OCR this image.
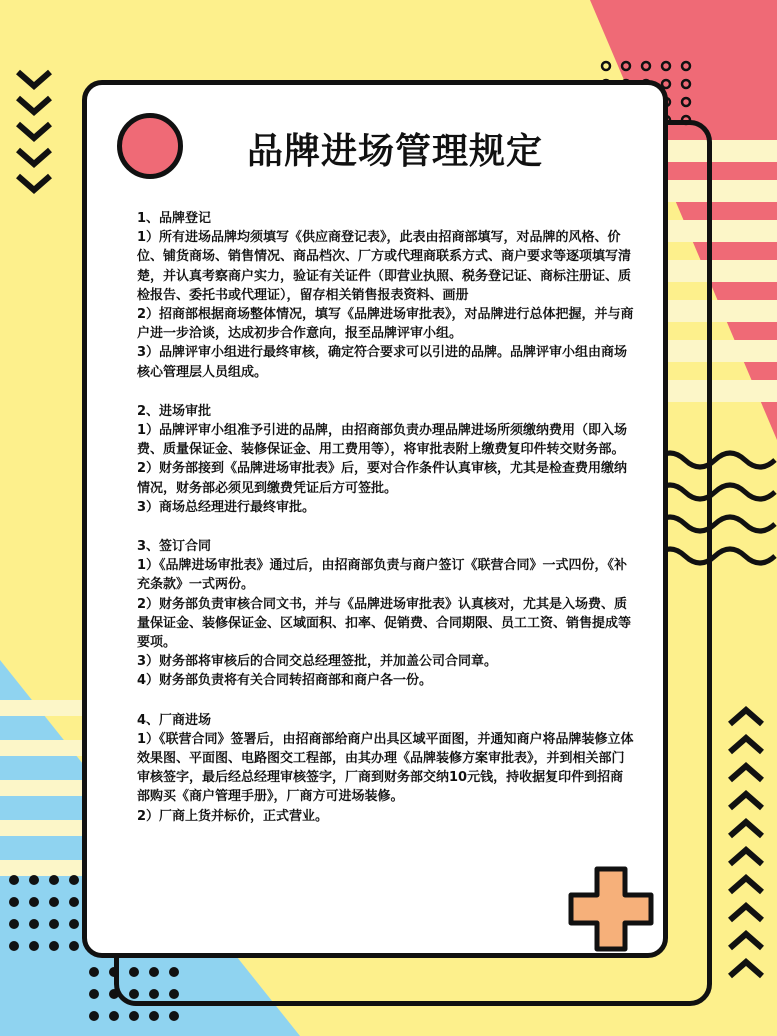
品牌进场管理规定

1、品牌登记

1）所有进场品牌均须填写《供应商登记表》，此表由招商部填写，对品牌的风格、价位、铺货商场、销售情况、商品档次、厂方或代理商联系方式、商户要求等逐项填写清楚，并认真考察商户实力，验证有关证件（即营业执照、税务登记证、商标注册证、质检报告、委托书或代理证），留存相关销售报表资料、画册

2）招商部根据商场整体情况，填写《品牌进场审批表》，对品牌进行总体把握，并与商户进一步洽谈，达成初步合作意向，报至品牌评审小组。

3）品牌评审小组进行最终审核，确定符合要求可以引进的品牌。品牌评审小组由商场核心管理层人员组成。

2、进场审批

1）品牌评审小组准予引进的品牌，由招商部负责办理品牌进场所须缴纳费用（即入场费、质量保证金、装修保证金、用工费用等），将审批表附上缴费复印件转交财务部。

2）财务部接到《品牌进场审批表》后，要对合作条件认真审核，尤其是检查费用缴纳情况，财务部必须见到缴费凭证后方可签批。

3）商场总经理进行最终审批。

3、签订合同

1）《品牌进场审批表》通过后，由招商部负责与商户签订《联营合同》一式四份，《补充条款》一式两份。

2）财务部负责审核合同文书，并与《品牌进场审批表》认真核对，尤其是入场费、质量保证金、装修保证金、区域面积、扣率、促销费、合同期限、员工工资、销售提成等要项。

3）财务部将审核后的合同交总经理签批，并加盖公司合同章。

4）财务部负责将有关合同转招商部和商户各一份。

4、厂商进场

1）《联营合同》签署后，由招商部给商户出具区域平面图，并通知商户将品牌装修立体效果图、平面图、电路图交工程部，由其办理《品牌装修方案审批表》，并到相关部门审核签字，最后经总经理审核签字，厂商到财务部交纳10元钱，持收据复印件到招商部购买《商户管理手册》，厂商方可进场装修。

2）厂商上货并标价，正式营业。
